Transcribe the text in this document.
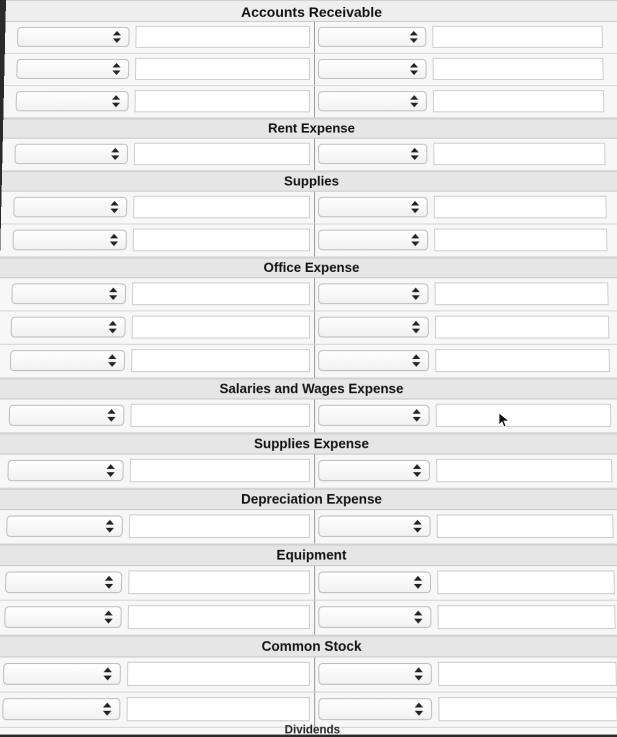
Accounts Receivable
Rent Expense
Supplies
Office Expense
Salaries and Wages Expense
Supplies Expense
Depreciation Expense
Equipment
Common Stock
Dividends
